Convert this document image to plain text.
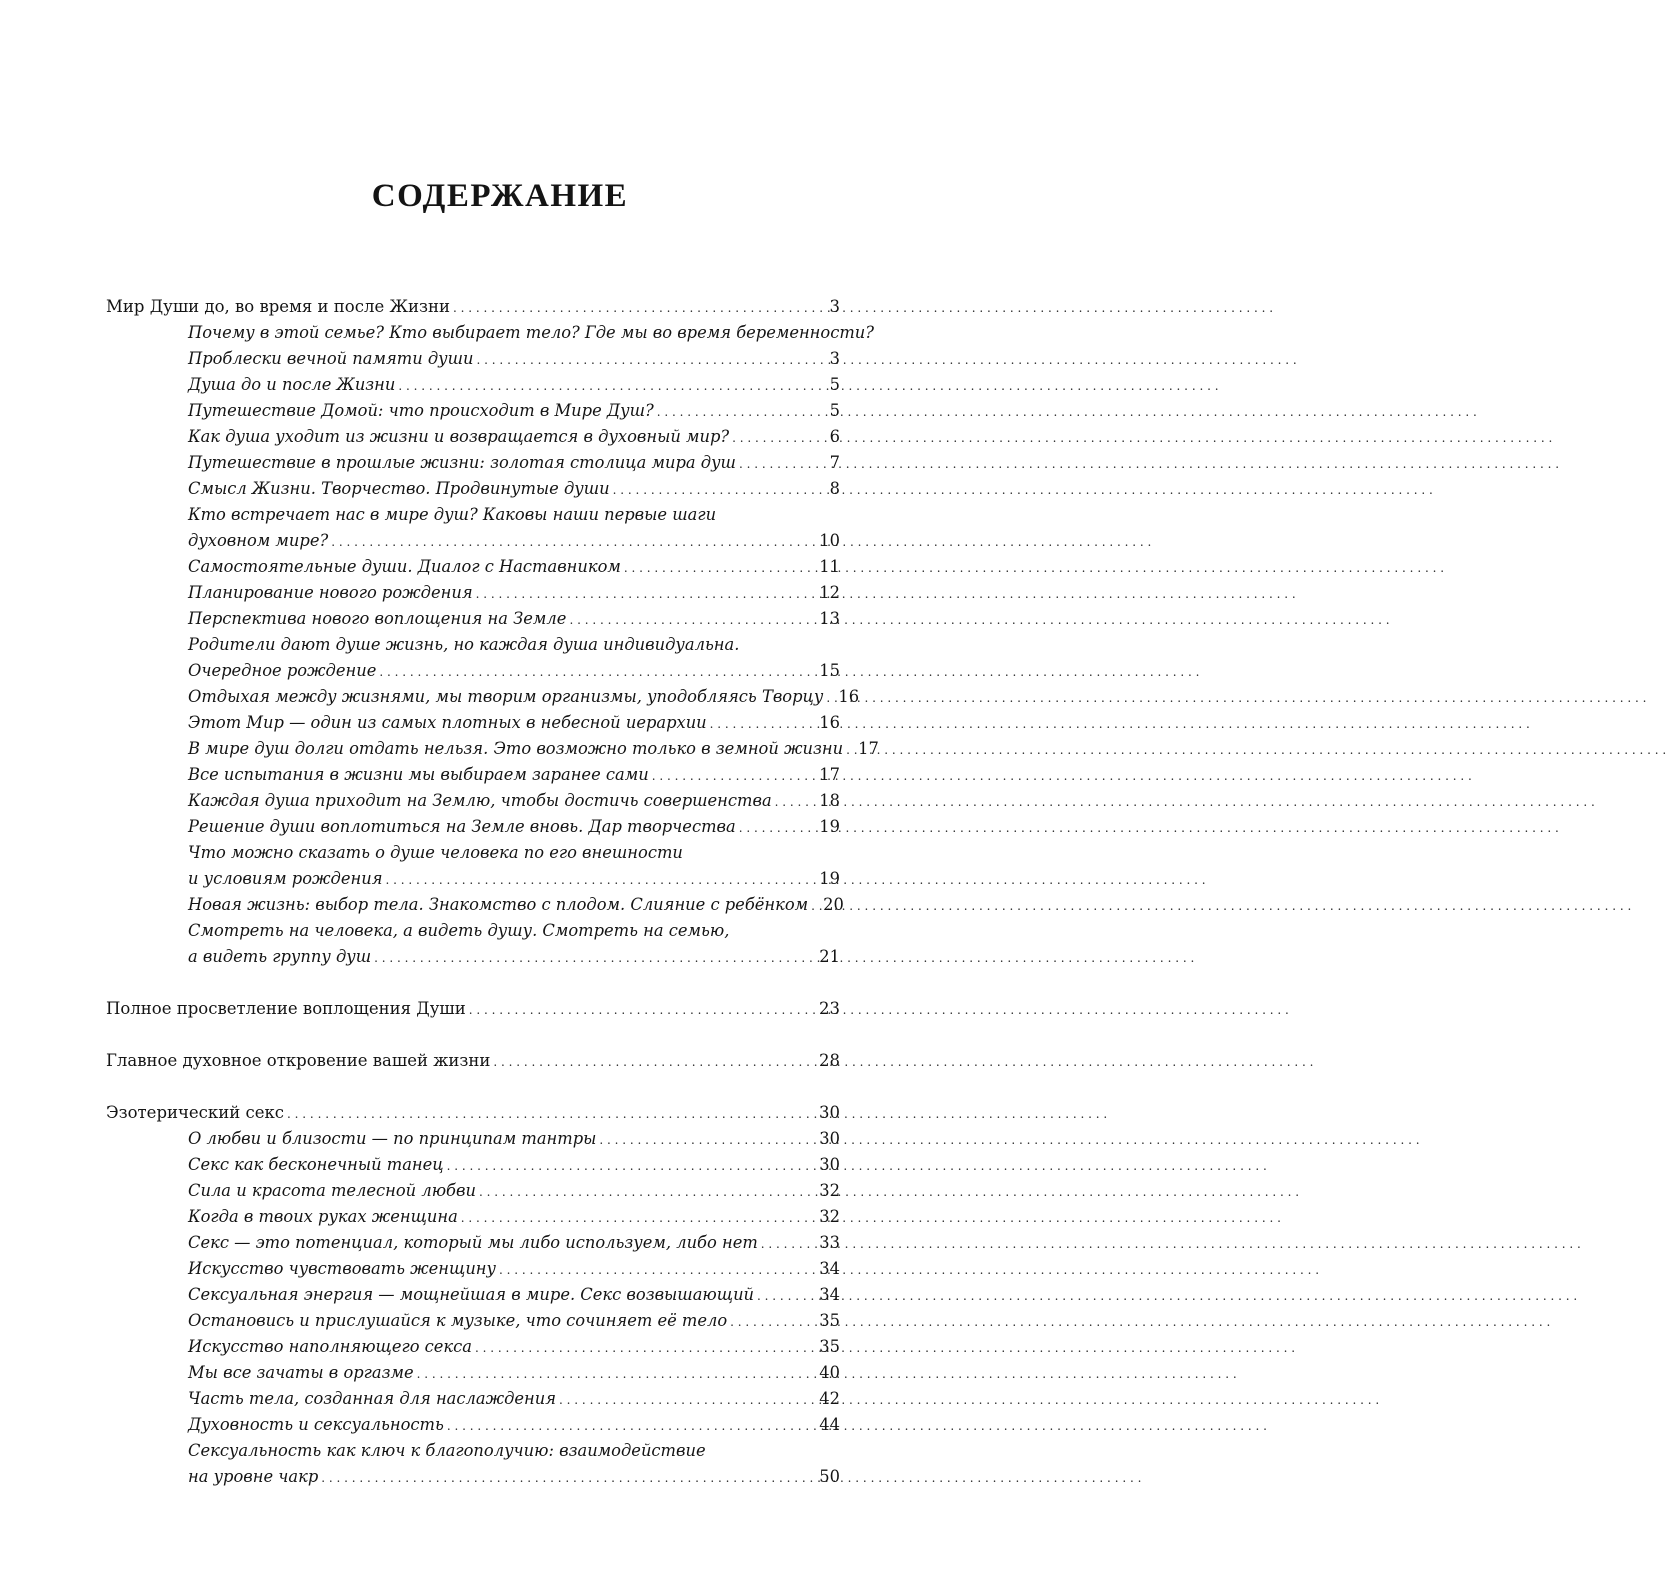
СОДЕРЖАНИЕ
Мир Души до, во время и после Жизни . . .	3
Почему в этой семье? Кто выбирает тело? Где мы во время беременности?
Проблески вечной памяти души . . .	3
Душа до и после Жизни . . .	5
Путешествие Домой: что происходит в Мире Душ? . . .	5
Как душа уходит из жизни и возвращается в духовный мир? . . .	6
Путешествие в прошлые жизни: золотая столица мира душ . . .	7
Смысл Жизни. Творчество. Продвинутые души . . .	8
Кто встречает нас в мире душ? Каковы наши первые шаги
духовном мире? . . .	10
Самостоятельные души. Диалог с Наставником . . .	11
Планирование нового рождения . . .	12
Перспектива нового воплощения на Земле . . .	13
Родители дают душе жизнь, но каждая душа индивидуальна.
Очередное рождение . . .	15
Отдыхая между жизнями, мы творим организмы, уподобляясь Творцу . . . 16
Этот Мир — один из самых плотных в небесной иерархии . . .	16
В мире душ долги отдать нельзя. Это возможно только в земной жизни . . . 17
Все испытания в жизни мы выбираем заранее сами . . .	17
Каждая душа приходит на Землю, чтобы достичь совершенства . . .	18
Решение души воплотиться на Земле вновь. Дар творчества . . .	19
Что можно сказать о душе человека по его внешности
и условиям рождения . . .	19
Новая жизнь: выбор тела. Знакомство с плодом. Слияние с ребёнком . . . 20
Смотреть на человека, а видеть душу. Смотреть на семью,
а видеть группу душ . . .	21
Полное просветление воплощения Души . . .	23
Главное духовное откровение вашей жизни . . .	28
Эзотерический секс . . .	30
О любви и близости — по принципам тантры . . .	30
Секс как бесконечный танец . . .	30
Сила и красота телесной любви . . .	32
Когда в твоих руках женщина . . .	32
Секс — это потенциал, который мы либо используем, либо нет . . .	33
Искусство чувствовать женщину . . .	34
Сексуальная энергия — мощнейшая в мире. Секс возвышающий . . .	34
Остановись и прислушайся к музыке, что сочиняет её тело . . .	35
Искусство наполняющего секса . . .	35
Мы все зачаты в оргазме . . .	40
Часть тела, созданная для наслаждения . . .	42
Духовность и сексуальность . . .	44
Сексуальность как ключ к благополучию: взаимодействие
на уровне чакр . . .	50
